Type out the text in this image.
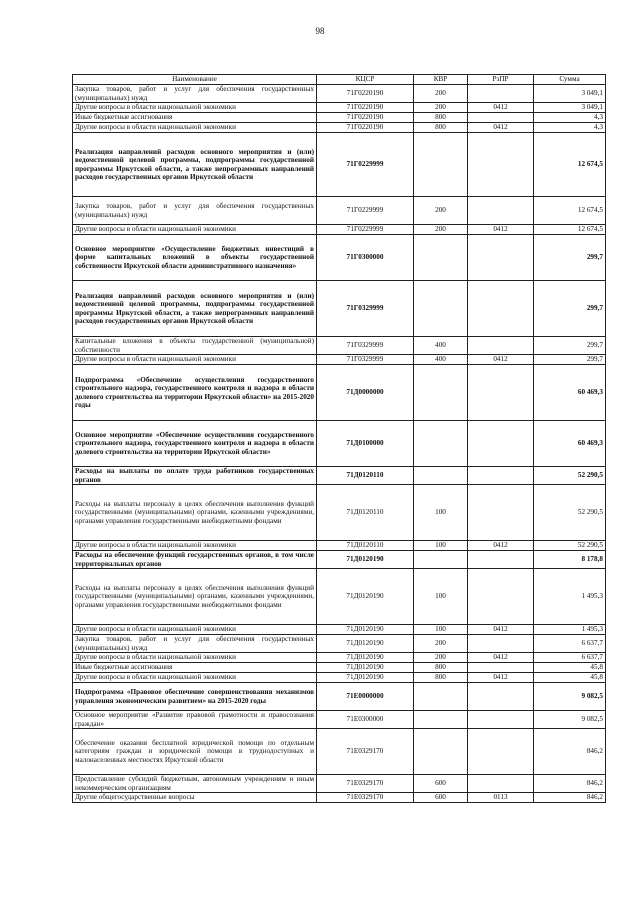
98
Наименование	КЦСР	КВР	РзПР	Сумма
Закупка товаров, работ и услуг для обеспечения государственных (муниципальных) нужд	71Г0220190	200		3 049,1
Другие вопросы в области национальной экономики	71Г0220190	200	0412	3 049,1
Иные бюджетные ассигнования	71Г0220190	800		4,3
Другие вопросы в области национальной экономики	71Г0220190	800	0412	4,3
Реализация направлений расходов основного мероприятия и (или) ведомственной целевой программы, подпрограммы государственной программы Иркутской области, а также непрограммных направлений расходов государственных органов Иркутской области	71Г0229999			12 674,5
Закупка товаров, работ и услуг для обеспечения государственных (муниципальных) нужд	71Г0229999	200		12 674,5
Другие вопросы в области национальной экономики	71Г0229999	200	0412	12 674,5
Основное мероприятие «Осуществление бюджетных инвестиций в форме капитальных вложений в объекты государственной собственности Иркутской области административного назначения»	71Г0300000			299,7
Реализация направлений расходов основного мероприятия и (или) ведомственной целевой программы, подпрограммы государственной программы Иркутской области, а также непрограммных направлений расходов государственных органов Иркутской области	71Г0329999			299,7
Капитальные вложения в объекты государственной (муниципальной) собственности	71Г0329999	400		299,7
Другие вопросы в области национальной экономики	71Г0329999	400	0412	299,7
Подпрограмма «Обеспечение осуществления государственного строительного надзора, государственного контроля и надзора в области долевого строительства на территории Иркутской области» на 2015-2020 годы	71Д0000000			60 469,3
Основное мероприятие «Обеспечение осуществления государственного строительного надзора, государственного контроля и надзора в области долевого строительства на территории Иркутской области»	71Д0100000			60 469,3
Расходы на выплаты по оплате труда работников государственных органов	71Д0120110			52 290,5
Расходы на выплаты персоналу в целях обеспечения выполнения функций государственными (муниципальными) органами, казенными учреждениями, органами управления государственными внебюджетными фондами	71Д0120110	100		52 290,5
Другие вопросы в области национальной экономики	71Д0120110	100	0412	52 290,5
Расходы на обеспечение функций государственных органов, в том числе территориальных органов	71Д0120190			8 178,8
Расходы на выплаты персоналу в целях обеспечения выполнения функций государственными (муниципальными) органами, казенными учреждениями, органами управления государственными внебюджетными фондами	71Д0120190	100		1 495,3
Другие вопросы в области национальной экономики	71Д0120190	100	0412	1 495,3
Закупка товаров, работ и услуг для обеспечения государственных (муниципальных) нужд	71Д0120190	200		6 637,7
Другие вопросы в области национальной экономики	71Д0120190	200	0412	6 637,7
Иные бюджетные ассигнования	71Д0120190	800		45,8
Другие вопросы в области национальной экономики	71Д0120190	800	0412	45,8
Подпрограмма «Правовое обеспечение совершенствования механизмов управления экономическим развитием» на 2015-2020 годы	71Е0000000			9 082,5
Основное мероприятие «Развитие правовой грамотности и правосознания граждан»	71Е0300000			9 082,5
Обеспечение оказания бесплатной юридической помощи по отдельным категориям граждан и юридической помощи в труднодоступных и малонаселенных местностях Иркутской области	71Е0329170			846,2
Предоставление субсидий бюджетным, автономным учреждениям и иным некоммерческим организациям	71Е0329170	600		846,2
Другие общегосударственные вопросы	71Е0329170	600	0113	846,2
